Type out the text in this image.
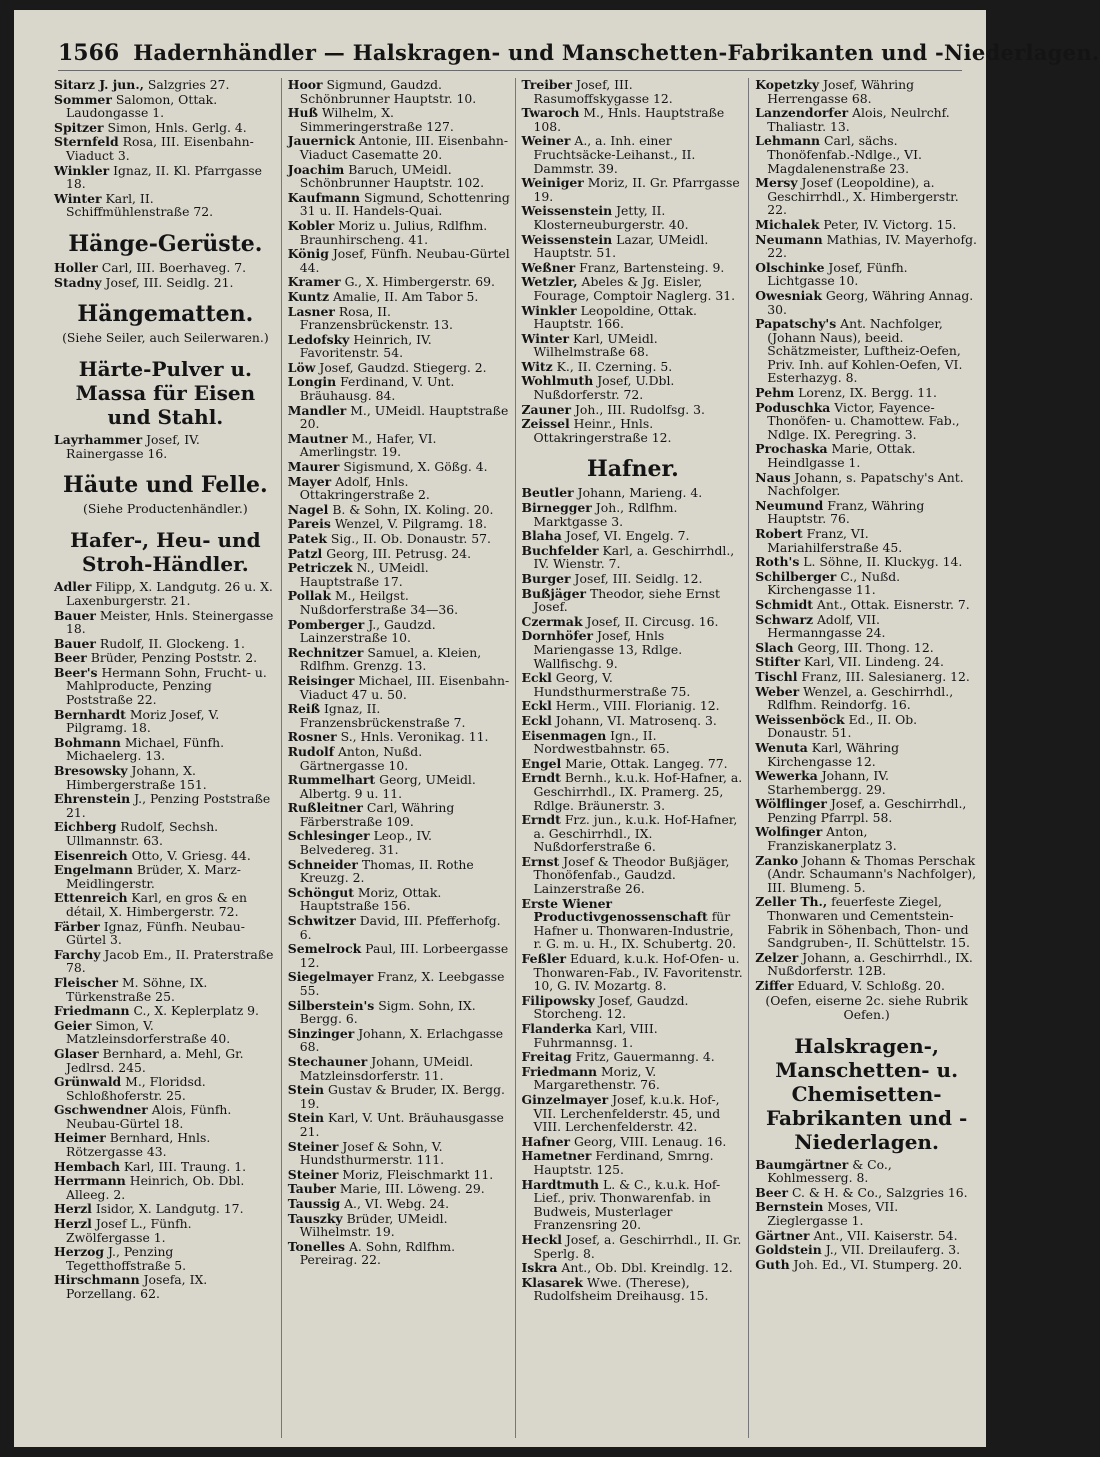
1566 Hadernhändler — Halskragen- und Manschetten-Fabrikanten und -Niederlagen.
Sitarz J. jun., Salzgries 27.
Sommer Salomon, Ottak. Laudongasse 1.
Spitzer Simon, Hnls. Gerlg. 4.
Sternfeld Rosa, III. Eisenbahn-Viaduct 3.
Winkler Ignaz, II. Kl. Pfarrgasse 18.
Winter Karl, II. Schiffmühlenstraße 72.
Hänge-Gerüste.
Holler Carl, III. Boerhaveg. 7.
Stadny Josef, III. Seidlg. 21.
Hängematten.
(Siehe Seiler, auch Seilerwaren.)
Härte-Pulver u. Massa für Eisen und Stahl.
Layrhammer Josef, IV. Rainergasse 16.
Häute und Felle.
(Siehe Productenhändler.)
Hafer-, Heu- und Stroh-Händler.
Adler Filipp, X. Landgutg. 26 u. X. Laxenburgerstr. 21.
Bauer Meister, Hnls. Steinergasse 18.
Bauer Rudolf, II. Glockeng. 1.
Beer Brüder, Penzing Poststr. 2.
Beer's Hermann Sohn, Frucht- u. Mahlproducte, Penzing Poststraße 22.
Bernhardt Moriz Josef, V. Pilgramg. 18.
Bohmann Michael, Fünfh. Michaelerg. 13.
Bresowsky Johann, X. Himbergerstraße 151.
Ehrenstein J., Penzing Poststraße 21.
Eichberg Rudolf, Sechsh. Ullmannstr. 63.
Eisenreich Otto, V. Griesg. 44.
Engelmann Brüder, X. Marz-Meidlingerstr.
Ettenreich Karl, en gros & en détail, X. Himbergerstr. 72.
Färber Ignaz, Fünfh. Neubau-Gürtel 3.
Farchy Jacob Em., II. Praterstraße 78.
Fleischer M. Söhne, IX. Türkenstraße 25.
Friedmann C., X. Keplerplatz 9.
Geier Simon, V. Matzleinsdorferstraße 40.
Glaser Bernhard, a. Mehl, Gr. Jedlrsd. 245.
Grünwald M., Floridsd. Schloßhoferstr. 25.
Gschwendner Alois, Fünfh. Neubau-Gürtel 18.
Heimer Bernhard, Hnls. Rötzergasse 43.
Hembach Karl, III. Traung. 1.
Herrmann Heinrich, Ob. Dbl. Alleeg. 2.
Herzl Isidor, X. Landgutg. 17.
Herzl Josef L., Fünfh. Zwölfergasse 1.
Herzog J., Penzing Tegetthoffstraße 5.
Hirschmann Josefa, IX. Porzellang. 62.
Hoor Sigmund, Gaudzd. Schönbrunner Hauptstr. 10.
Huß Wilhelm, X. Simmeringerstraße 127.
Jauernick Antonie, III. Eisenbahn-Viaduct Casematte 20.
Joachim Baruch, UMeidl. Schönbrunner Hauptstr. 102.
Kaufmann Sigmund, Schottenring 31 u. II. Handels-Quai.
Kobler Moriz u. Julius, Rdlfhm. Braunhirscheng. 41.
König Josef, Fünfh. Neubau-Gürtel 44.
Kramer G., X. Himbergerstr. 69.
Kuntz Amalie, II. Am Tabor 5.
Lasner Rosa, II. Franzensbrückenstr. 13.
Ledofsky Heinrich, IV. Favoritenstr. 54.
Löw Josef, Gaudzd. Stiegerg. 2.
Longin Ferdinand, V. Unt. Bräuhausg. 84.
Mandler M., UMeidl. Hauptstraße 20.
Mautner M., Hafer, VI. Amerlingstr. 19.
Maurer Sigismund, X. Gößg. 4.
Mayer Adolf, Hnls. Ottakringerstraße 2.
Nagel B. & Sohn, IX. Koling. 20.
Pareis Wenzel, V. Pilgramg. 18.
Patek Sig., II. Ob. Donaustr. 57.
Patzl Georg, III. Petrusg. 24.
Petriczek N., UMeidl. Hauptstraße 17.
Pollak M., Heilgst. Nußdorferstraße 34—36.
Pomberger J., Gaudzd. Lainzerstraße 10.
Rechnitzer Samuel, a. Kleien, Rdlfhm. Grenzg. 13.
Reisinger Michael, III. Eisenbahn-Viaduct 47 u. 50.
Reiß Ignaz, II. Franzensbrückenstraße 7.
Rosner S., Hnls. Veronikag. 11.
Rudolf Anton, Nußd. Gärtnergasse 10.
Rummelhart Georg, UMeidl. Albertg. 9 u. 11.
Rußleitner Carl, Währing Färberstraße 109.
Schlesinger Leop., IV. Belvedereg. 31.
Schneider Thomas, II. Rothe Kreuzg. 2.
Schöngut Moriz, Ottak. Hauptstraße 156.
Schwitzer David, III. Pfefferhofg. 6.
Semelrock Paul, III. Lorbeergasse 12.
Siegelmayer Franz, X. Leebgasse 55.
Silberstein's Sigm. Sohn, IX. Bergg. 6.
Sinzinger Johann, X. Erlachgasse 68.
Stechauner Johann, UMeidl. Matzleinsdorferstr. 11.
Stein Gustav & Bruder, IX. Bergg. 19.
Stein Karl, V. Unt. Bräuhausgasse 21.
Steiner Josef & Sohn, V. Hundsthurmerstr. 111.
Steiner Moriz, Fleischmarkt 11.
Tauber Marie, III. Löweng. 29.
Taussig A., VI. Webg. 24.
Tauszky Brüder, UMeidl. Wilhelmstr. 19.
Tonelles A. Sohn, Rdlfhm. Pereirag. 22.
Treiber Josef, III. Rasumoffskygasse 12.
Twaroch M., Hnls. Hauptstraße 108.
Weiner A., a. Inh. einer Fruchtsäcke-Leihanst., II. Dammstr. 39.
Weiniger Moriz, II. Gr. Pfarrgasse 19.
Weissenstein Jetty, II. Klosterneuburgerstr. 40.
Weissenstein Lazar, UMeidl. Hauptstr. 51.
Weßner Franz, Bartensteing. 9.
Wetzler, Abeles & Jg. Eisler, Fourage, Comptoir Naglerg. 31.
Winkler Leopoldine, Ottak. Hauptstr. 166.
Winter Karl, UMeidl. Wilhelmstraße 68.
Witz K., II. Czerning. 5.
Wohlmuth Josef, U.Dbl. Nußdorferstr. 72.
Zauner Joh., III. Rudolfsg. 3.
Zeissel Heinr., Hnls. Ottakringerstraße 12.
Hafner.
Beutler Johann, Marieng. 4.
Birnegger Joh., Rdlfhm. Marktgasse 3.
Blaha Josef, VI. Engelg. 7.
Buchfelder Karl, a. Geschirrhdl., IV. Wienstr. 7.
Burger Josef, III. Seidlg. 12.
Bußjäger Theodor, siehe Ernst Josef.
Czermak Josef, II. Circusg. 16.
Dornhöfer Josef, Hnls Mariengasse 13, Rdlge. Wallfischg. 9.
Eckl Georg, V. Hundsthurmerstraße 75.
Eckl Herm., VIII. Florianig. 12.
Eckl Johann, VI. Matrosenq. 3.
Eisenmagen Ign., II. Nordwestbahnstr. 65.
Engel Marie, Ottak. Langeg. 77.
Erndt Bernh., k.u.k. Hof-Hafner, a. Geschirrhdl., IX. Pramerg. 25, Rdlge. Bräunerstr. 3.
Erndt Frz. jun., k.u.k. Hof-Hafner, a. Geschirrhdl., IX. Nußdorferstraße 6.
Ernst Josef & Theodor Bußjäger, Thonöfenfab., Gaudzd. Lainzerstraße 26.
Erste Wiener Productivgenossenschaft für Hafner u. Thonwaren-Industrie, r. G. m. u. H., IX. Schubertg. 20.
Feßler Eduard, k.u.k. Hof-Ofen- u. Thonwaren-Fab., IV. Favoritenstr. 10, G. IV. Mozartg. 8.
Filipowsky Josef, Gaudzd. Storcheng. 12.
Flanderka Karl, VIII. Fuhrmannsg. 1.
Freitag Fritz, Gauermanng. 4.
Friedmann Moriz, V. Margarethenstr. 76.
Ginzelmayer Josef, k.u.k. Hof-, VII. Lerchenfelderstr. 45, und VIII. Lerchenfelderstr. 42.
Hafner Georg, VIII. Lenaug. 16.
Hametner Ferdinand, Smrng. Hauptstr. 125.
Hardtmuth L. & C., k.u.k. Hof-Lief., priv. Thonwarenfab. in Budweis, Musterlager Franzensring 20.
Heckl Josef, a. Geschirrhdl., II. Gr. Sperlg. 8.
Iskra Ant., Ob. Dbl. Kreindlg. 12.
Klasarek Wwe. (Therese), Rudolfsheim Dreihausg. 15.
Kopetzky Josef, Währing Herrengasse 68.
Lanzendorfer Alois, Neulrchf. Thaliastr. 13.
Lehmann Carl, sächs. Thonöfenfab.-Ndlge., VI. Magdalenenstraße 23.
Mersy Josef (Leopoldine), a. Geschirrhdl., X. Himbergerstr. 22.
Michalek Peter, IV. Victorg. 15.
Neumann Mathias, IV. Mayerhofg. 22.
Olschinke Josef, Fünfh. Lichtgasse 10.
Owesniak Georg, Währing Annag. 30.
Papatschy's Ant. Nachfolger, (Johann Naus), beeid. Schätzmeister, Luftheiz-Oefen, Priv. Inh. auf Kohlen-Oefen, VI. Esterhazyg. 8.
Pehm Lorenz, IX. Bergg. 11.
Poduschka Victor, Fayence-Thonöfen- u. Chamottew. Fab., Ndlge. IX. Peregring. 3.
Prochaska Marie, Ottak. Heindlgasse 1.
Naus Johann, s. Papatschy's Ant. Nachfolger.
Neumund Franz, Währing Hauptstr. 76.
Robert Franz, VI. Mariahilferstraße 45.
Roth's L. Söhne, II. Kluckyg. 14.
Schilberger C., Nußd. Kirchengasse 11.
Schmidt Ant., Ottak. Eisnerstr. 7.
Schwarz Adolf, VII. Hermanngasse 24.
Slach Georg, III. Thong. 12.
Stifter Karl, VII. Lindeng. 24.
Tischl Franz, III. Salesianerg. 12.
Weber Wenzel, a. Geschirrhdl., Rdlfhm. Reindorfg. 16.
Weissenböck Ed., II. Ob. Donaustr. 51.
Wenuta Karl, Währing Kirchengasse 12.
Wewerka Johann, IV. Starhembergg. 29.
Wölflinger Josef, a. Geschirrhdl., Penzing Pfarrpl. 58.
Wolfinger Anton, Franziskanerplatz 3.
Zanko Johann & Thomas Perschak (Andr. Schaumann's Nachfolger), III. Blumeng. 5.
Zeller Th., feuerfeste Ziegel, Thonwaren und Cementstein-Fabrik in Söhenbach, Thon- und Sandgruben-, II. Schüttelstr. 15.
Zelzer Johann, a. Geschirrhdl., IX. Nußdorferstr. 12B.
Ziffer Eduard, V. Schloßg. 20.
(Oefen, eiserne 2c. siehe Rubrik Oefen.)
Halskragen-, Manschetten- u. Chemisetten-Fabrikanten und -Niederlagen.
Baumgärtner & Co., Kohlmesserg. 8.
Beer C. & H. & Co., Salzgries 16.
Bernstein Moses, VII. Zieglergasse 1.
Gärtner Ant., VII. Kaiserstr. 54.
Goldstein J., VII. Dreilauferg. 3.
Guth Joh. Ed., VI. Stumperg. 20.
